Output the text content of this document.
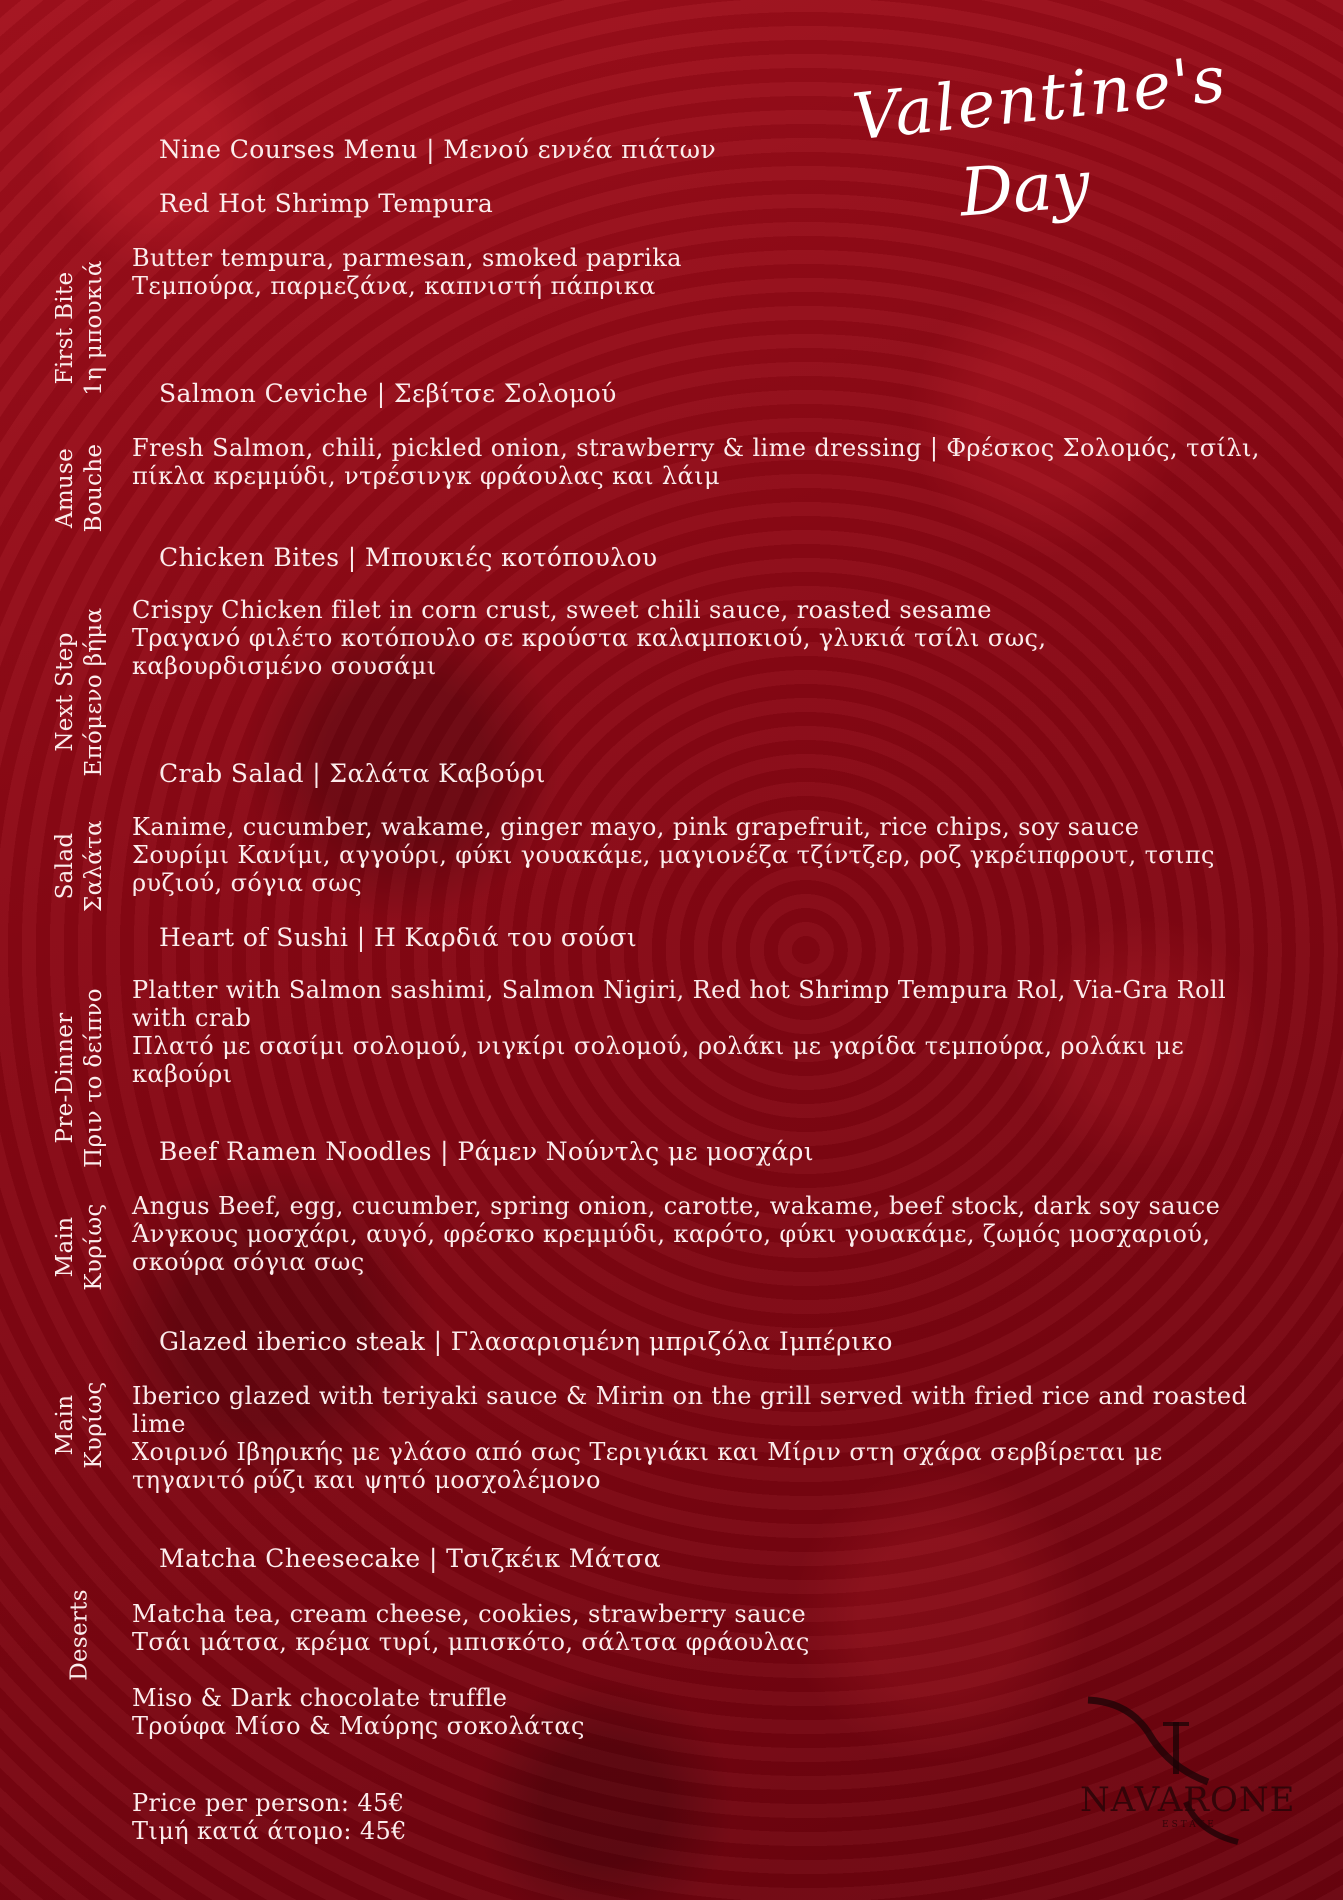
Valentine's
Day
Nine Courses Menu | Μενού εννέα πιάτων
Red Hot Shrimp Tempura
Butter tempura, parmesan, smoked paprika
Τεμπούρα, παρμεζάνα, καπνιστή πάπρικα
First Bite 1η μπουκιά Salmon Ceviche | Σεβίτσε Σολομού
Fresh Salmon, chili, pickled onion, strawberry & lime dressing | Φρέσκος Σολομός, τσίλι,
πίκλα κρεμμύδι, ντρέσινγκ φράουλας και λάιμ
Amuse Bouche
Chicken Bites | Μπουκιές κοτόπουλου
Crispy Chicken filet in corn crust, sweet chili sauce, roasted sesame
Τραγανό φιλέτο κοτόπουλο σε κρούστα καλαμποκιού, γλυκιά τσίλι σως,
καβουρδισμένο σουσάμι
Next Step Επόμενο βήμα Crab Salad | Σαλάτα Καβούρι
Kanime, cucumber, wakame, ginger mayo, pink grapefruit, rice chips, soy sauce
Σουρίμι Κανίμι, αγγούρι, φύκι γουακάμε, μαγιονέζα τζίντζερ, ροζ γκρέιπφρουτ, τσιπς
ρυζιού, σόγια σως
Salad Σαλάτα
Heart of Sushi | Η Καρδιά του σούσι
Platter with Salmon sashimi, Salmon Nigiri, Red hot Shrimp Tempura Rol, Via-Gra Roll
with crab
Πλατό με σασίμι σολομού, νιγκίρι σολομού, ρολάκι με γαρίδα τεμπούρα, ρολάκι με
καβούρι
Pre-Dinner Πριν το δείπνο Beef Ramen Noodles | Ράμεν Νούντλς με μοσχάρι
Angus Beef, egg, cucumber, spring onion, carotte, wakame, beef stock, dark soy sauce
Άνγκους μοσχάρι, αυγό, φρέσκο κρεμμύδι, καρότο, φύκι γουακάμε, ζωμός μοσχαριού,
σκούρα σόγια σως
Main Κυρίως
Glazed iberico steak | Γλασαρισμένη μπριζόλα Ιμπέρικο
Iberico glazed with teriyaki sauce & Mirin on the grill served with fried rice and roasted
lime
Χοιρινό Ιβηρικής με γλάσο από σως Τεριγιάκι και Μίριν στη σχάρα σερβίρεται με
τηγανιτό ρύζι και ψητό μοσχολέμονο
Main Κυρίως
Matcha Cheesecake | Τσιζκέικ Μάτσα
Matcha tea, cream cheese, cookies, strawberry sauce
Τσάι μάτσα, κρέμα τυρί, μπισκότο, σάλτσα φράουλας
Miso & Dark chocolate truffle
Τρούφα Μίσο & Μαύρης σοκολάτας
Deserts
Price per person: 45€
Τιμή κατά άτομο: 45€
NAVARONE
ESTATE
